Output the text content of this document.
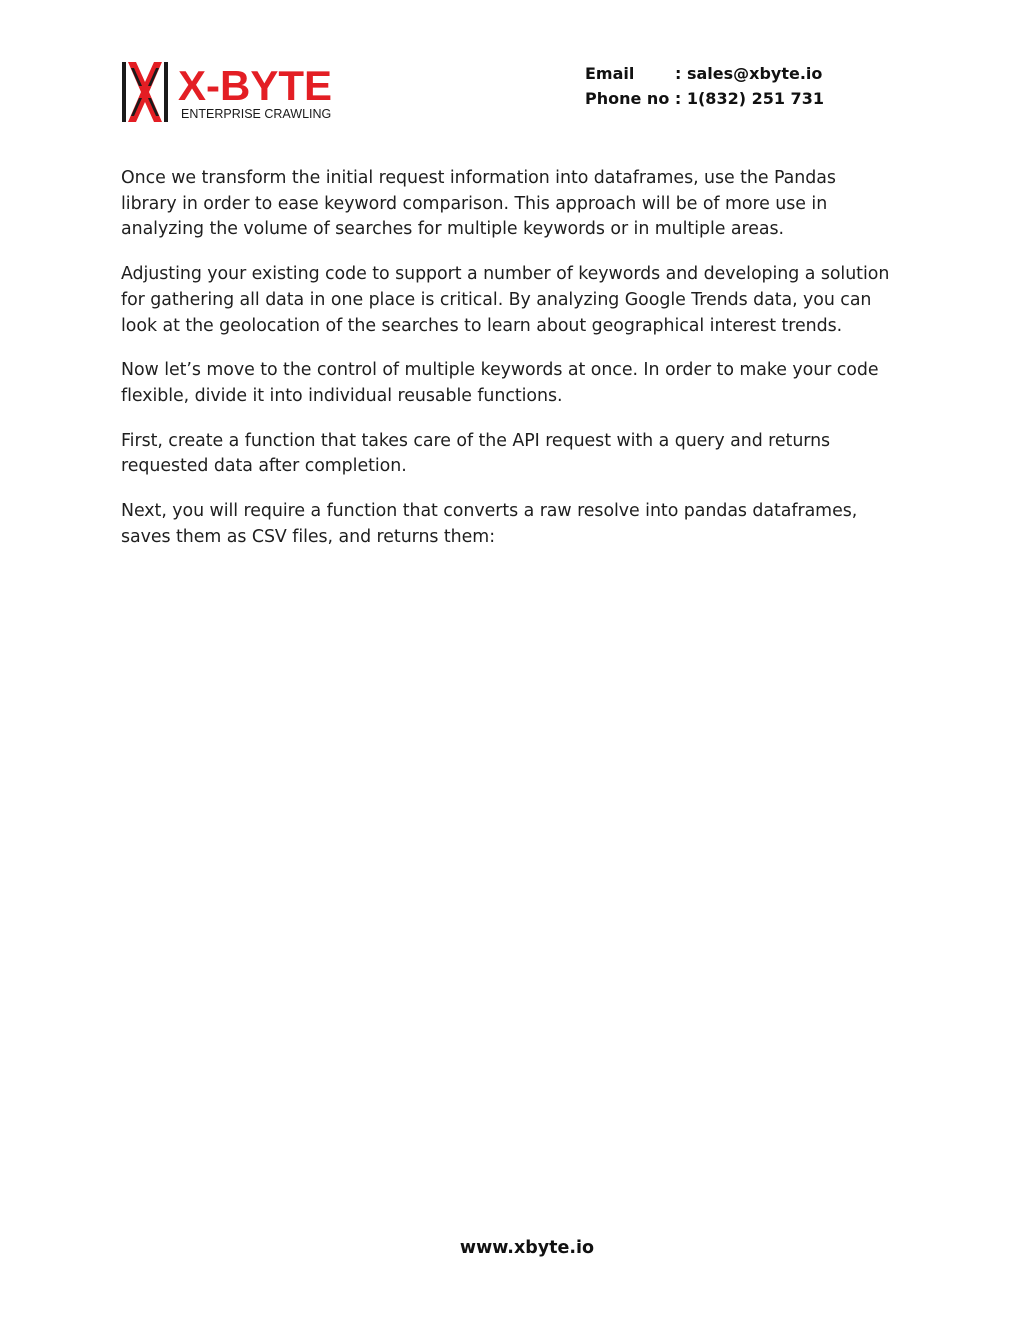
X-BYTE
ENTERPRISE CRAWLING
Email	: sales@xbyte.io
Phone no : 1(832) 251 731

Once we transform the initial request information into dataframes, use the Pandas library in order to ease keyword comparison. This approach will be of more use in analyzing the volume of searches for multiple keywords or in multiple areas.

Adjusting your existing code to support a number of keywords and developing a solution for gathering all data in one place is critical. By analyzing Google Trends data, you can look at the geolocation of the searches to learn about geographical interest trends.

Now let’s move to the control of multiple keywords at once. In order to make your code flexible, divide it into individual reusable functions.

First, create a function that takes care of the API request with a query and returns requested data after completion.

Next, you will require a function that converts a raw resolve into pandas dataframes, saves them as CSV files, and returns them:

www.xbyte.io
